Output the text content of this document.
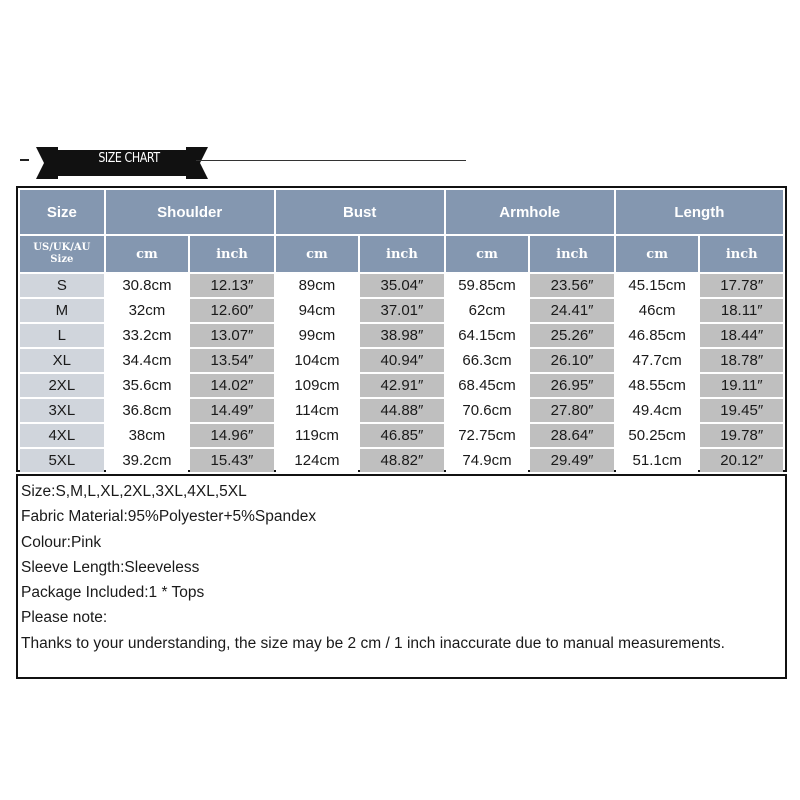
SIZE CHART
Size	Shoulder		Bust		Armhole		Length	
US/UK/AU Size	cm	inch	cm	inch	cm	inch	cm	inch
S	30.8cm	12.13″	89cm	35.04″	59.85cm	23.56″	45.15cm	17.78″
M	32cm	12.60″	94cm	37.01″	62cm	24.41″	46cm	18.11″
L	33.2cm	13.07″	99cm	38.98″	64.15cm	25.26″	46.85cm	18.44″
XL	34.4cm	13.54″	104cm	40.94″	66.3cm	26.10″	47.7cm	18.78″
2XL	35.6cm	14.02″	109cm	42.91″	68.45cm	26.95″	48.55cm	19.11″
3XL	36.8cm	14.49″	114cm	44.88″	70.6cm	27.80″	49.4cm	19.45″
4XL	38cm	14.96″	119cm	46.85″	72.75cm	28.64″	50.25cm	19.78″
5XL	39.2cm	15.43″	124cm	48.82″	74.9cm	29.49″	51.1cm	20.12″
Size:S,M,L,XL,2XL,3XL,4XL,5XL
Fabric Material:95%Polyester+5%Spandex
Colour:Pink
Sleeve Length:Sleeveless
Package Included:1 * Tops
Please note:
Thanks to your understanding, the size may be 2 cm / 1 inch inaccurate due to manual measurements.
